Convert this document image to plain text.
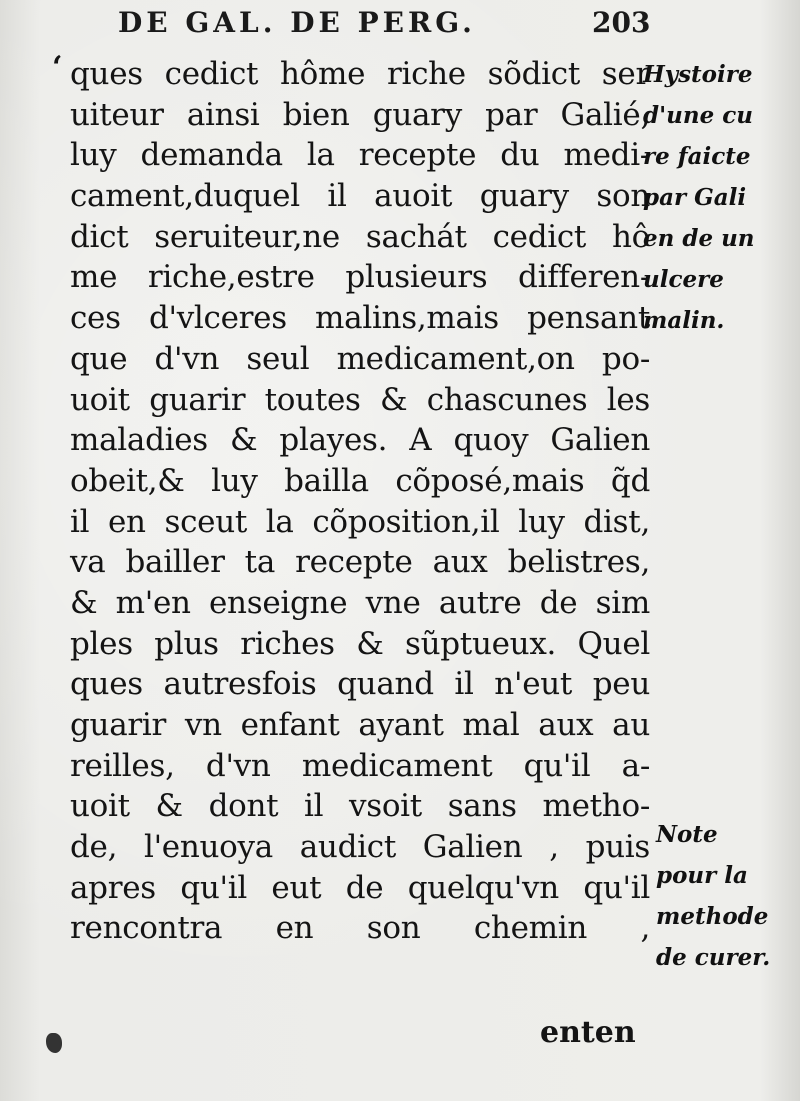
DE GAL. DE PERG.	203
‘ ques cedict hôme riche sõdict ser
uiteur ainsi bien guary par Galié,
luy demanda la recepte du medi-
cament,duquel il auoit guary son
dict seruiteur,ne sachát cedict hô
me riche,estre plusieurs differen-
ces d'vlceres malins,mais pensant
que d'vn seul medicament,on po-
uoit guarir toutes & chascunes les
maladies & playes. A quoy Galien
obeit,& luy bailla cõposé,mais q̃d
il en sceut la cõposition,il luy dist,
va bailler ta recepte aux belistres,
& m'en enseigne vne autre de sim
ples plus riches & sũptueux. Quel
ques autresfois quand il n'eut peu
guarir vn enfant ayant mal aux au
reilles, d'vn medicament qu'il a-
uoit & dont il vsoit sans metho-
de, l'enuoya audict Galien , puis
apres qu'il eut de quelqu'vn qu'il
rencontra en son chemin ,
enten
Hystoire
d'une cu
re faicte
par Gali
en de un
ulcere
malin.
Note
pour la
methode
de curer.
